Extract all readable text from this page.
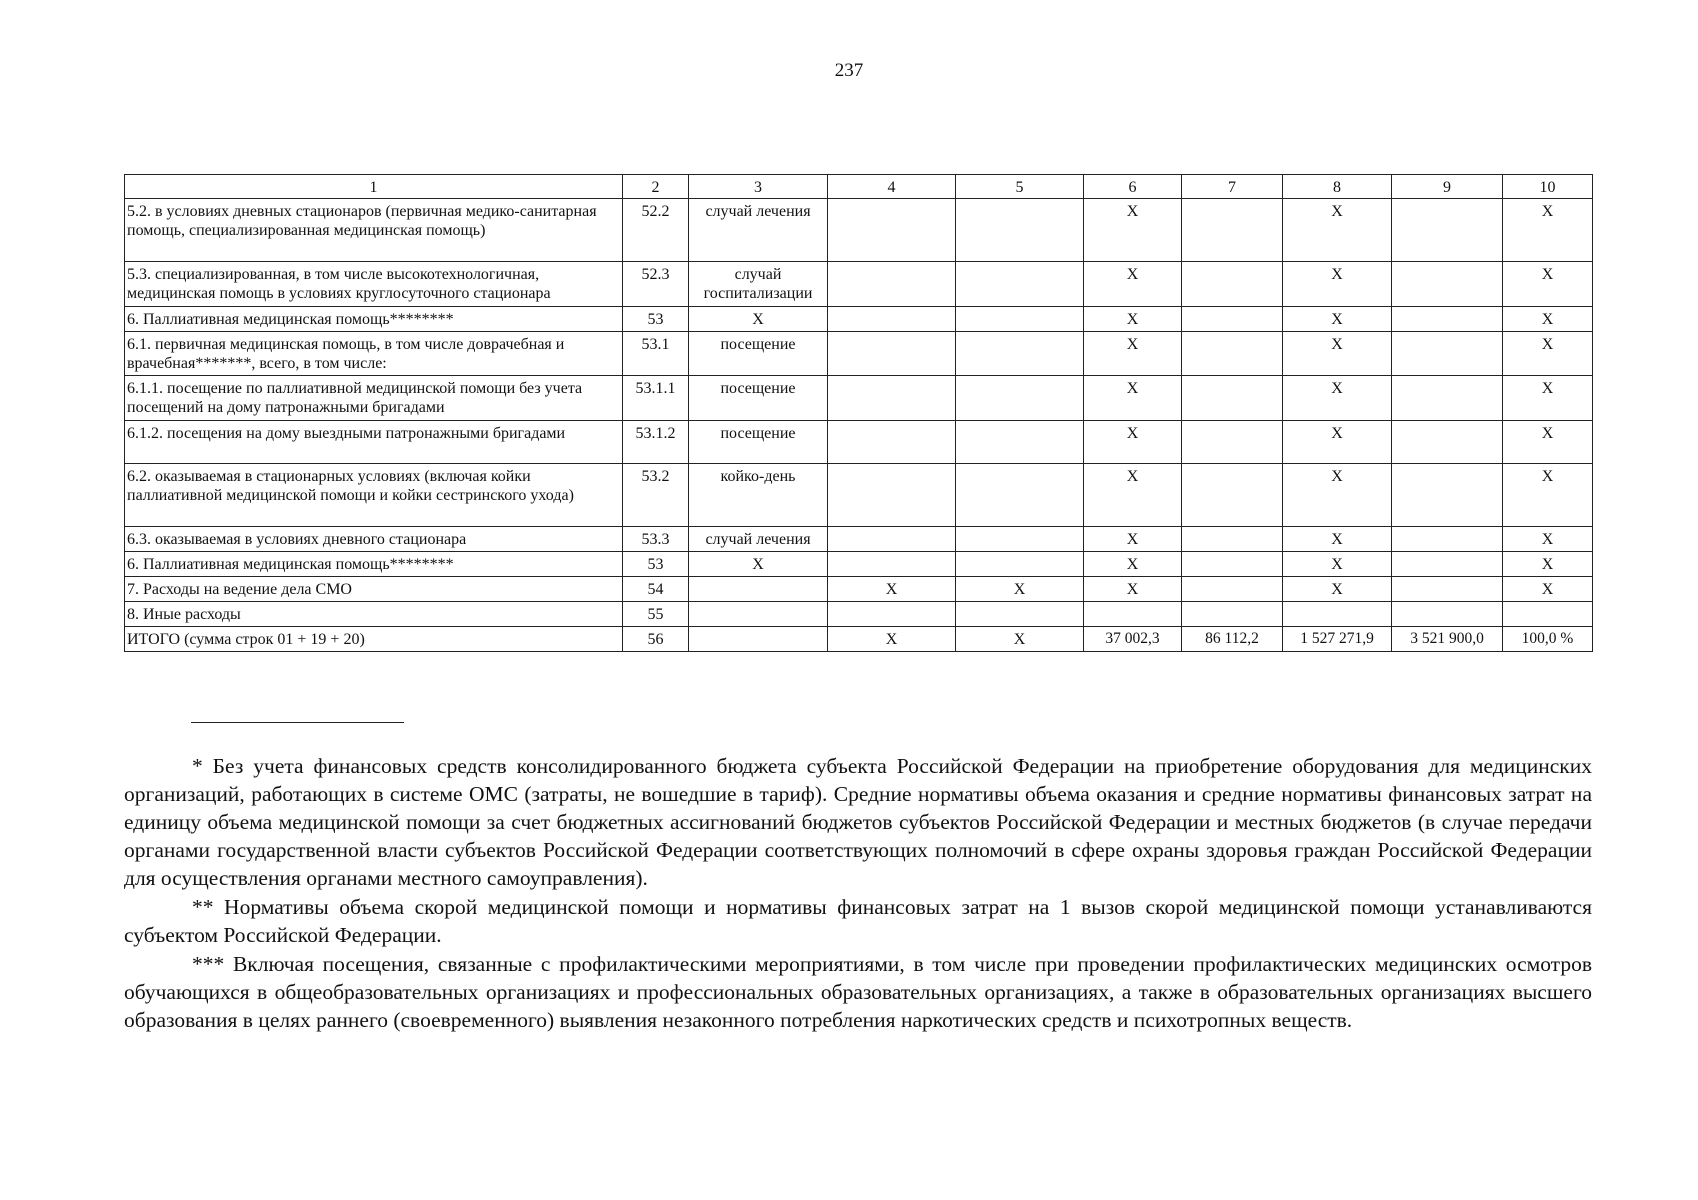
237
1	2	3	4	5	6	7	8	9	10
5.2. в условиях дневных стационаров (первичная медико-санитарная помощь, специализированная медицинская помощь)	52.2	случай лечения			X		X		X
5.3. специализированная, в том числе высокотехнологичная, медицинская помощь в условиях круглосуточного стационара	52.3	случай госпитализации			X		X		X
6. Паллиативная медицинская помощь********	53	X			X		X		X
6.1. первичная медицинская помощь, в том числе доврачебная и врачебная*******, всего, в том числе:	53.1	посещение			X		X		X
6.1.1. посещение по паллиативной медицинской помощи без учета посещений на дому патронажными бригадами	53.1.1	посещение			X		X		X
6.1.2. посещения на дому выездными патронажными бригадами	53.1.2	посещение			X		X		X
6.2. оказываемая в стационарных условиях (включая койки паллиативной медицинской помощи и койки сестринского ухода)	53.2	койко-день			X		X		X
6.3. оказываемая в условиях дневного стационара	53.3	случай лечения			X		X		X
6. Паллиативная медицинская помощь********	53	X			X		X		X
7. Расходы на ведение дела СМО	54		X	X	X		X		X
8. Иные расходы	55								
ИТОГО (сумма строк 01 + 19 + 20)	56		X	X	37 002,3	86 112,2	1 527 271,9	3 521 900,0	100,0 %

* Без учета финансовых средств консолидированного бюджета субъекта Российской Федерации на приобретение оборудования для медицинских организаций, работающих в системе ОМС (затраты, не вошедшие в тариф). Средние нормативы объема оказания и средние нормативы финансовых затрат на единицу объема медицинской помощи за счет бюджетных ассигнований бюджетов субъектов Российской Федерации и местных бюджетов (в случае передачи органами государственной власти субъектов Российской Федерации соответствующих полномочий в сфере охраны здоровья граждан Российской Федерации для осуществления органами местного самоуправления).

** Нормативы объема скорой медицинской помощи и нормативы финансовых затрат на 1 вызов скорой медицинской помощи устанавливаются субъектом Российской Федерации.

*** Включая посещения, связанные с профилактическими мероприятиями, в том числе при проведении профилактических медицинских осмотров обучающихся в общеобразовательных организациях и профессиональных образовательных организациях, а также в образовательных организациях высшего образования в целях раннего (своевременного) выявления незаконного потребления наркотических средств и психотропных веществ.
